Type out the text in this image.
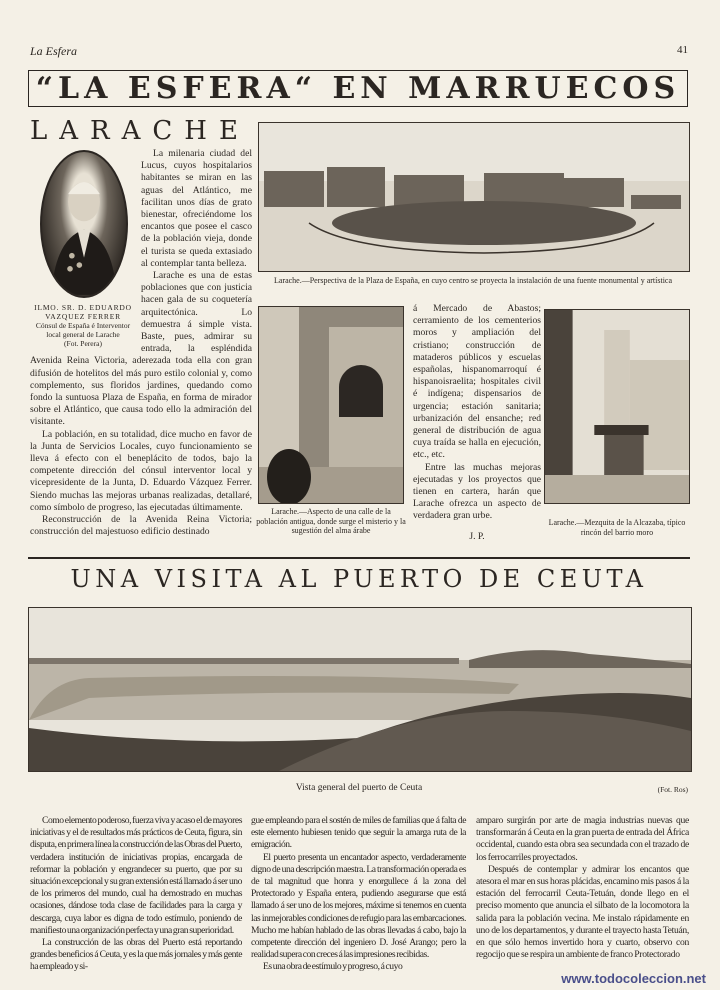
La Esfera	41
“LA ESFERA“ EN MARRUECOS
LARACHE
ILMO. SR. D. EDUARDO
VAZQUEZ FERRER
Cónsul de España é Interventor local general de Larache
(Fot. Perera)

La milenaria ciudad del Lucus, cuyos hospitalarios habitantes se miran en las aguas del Atlántico, me facilitan unos días de grato bienestar, ofreciéndome los encantos que posee el casco de la población vieja, donde el turista se queda extasiado al contemplar tanta belleza.

Larache es una de estas poblaciones que con justicia hacen gala de su coquetería arquitectónica. Lo demuestra á simple vista. Baste, pues, admirar su entrada, la espléndida Avenida Reina Victoria, aderezada toda ella con gran difusión de hotelitos del más puro estilo colonial y, como complemento, sus floridos jardines, quedando como fondo la suntuosa Plaza de España, en forma de mirador sobre el Atlántico, que causa todo ello la admiración del visitante.

La población, en su totalidad, dice mucho en favor de la Junta de Servicios Locales, cuyo funcionamiento se lleva á efecto con el beneplácito de todos, bajo la competente dirección del cónsul interventor local y vicepresidente de la Junta, D. Eduardo Vázquez Ferrer. Siendo muchas las mejoras urbanas realizadas, detallaré, como símbolo de progreso, las ejecutadas últimamente.

Reconstrucción de la Avenida Reina Victoria; construcción del majestuoso edificio destinado

Larache.—Perspectiva de la Plaza de España, en cuyo centro se proyecta la instalación de una fuente monumental y artística
Larache.—Aspecto de una calle de la población antigua, donde surge el misterio y la sugestión del alma árabe

á Mercado de Abastos; cerramiento de los cementerios moros y ampliación del cristiano; construcción de mataderos públicos y escuelas españolas, hispanomarroquí é hispanoisraelita; hospitales civil é indígena; dispensarios de urgencia; estación sanitaria; urbanización del ensanche; red general de distribución de agua cuya traída se halla en ejecución, etc., etc.

Entre las muchas mejoras ejecutadas y los proyectos que tienen en cartera, harán que Larache ofrezca un aspecto de verdadera gran urbe.

J. P.
Larache.—Mezquita de la Alcazaba, típico rincón del barrio moro
UNA VISITA AL PUERTO DE CEUTA
Vista general del puerto de Ceuta	(Fot. Ros)

Como elemento poderoso, fuerza viva y acaso el de mayores iniciativas y el de resultados más prácticos de Ceuta, figura, sin disputa, en primera línea la construcción de las Obras del Puerto, verdadera institución de iniciativas propias, encargada de reformar la población y engrandecer su puerto, que por su situación excepcional y su gran extensión está llamado á ser uno de los primeros del mundo, cual ha demostrado en muchas ocasiones, dándose toda clase de facilidades para la carga y descarga, cuya labor es digna de todo estímulo, poniendo de manifiesto una organización perfecta y una gran superioridad.

La construcción de las obras del Puerto está reportando grandes beneficios á Ceuta, y es la que más jornales y más gente ha empleado y si-

gue empleando para el sostén de miles de familias que á falta de este elemento hubiesen tenido que seguir la amarga ruta de la emigración.

El puerto presenta un encantador aspecto, verdaderamente digno de una descripción maestra. La transformación operada es de tal magnitud que honra y enorgullece á la zona del Protectorado y España entera, pudiendo asegurarse que está llamado á ser uno de los mejores, máxime si tenemos en cuenta las inmejorables condiciones de refugio para las embarcaciones. Mucho me habían hablado de las obras llevadas á cabo, bajo la competente dirección del ingeniero D. José Arango; pero la realidad supera con creces á las impresiones recibidas.

Es una obra de estímulo y progreso, á cuyo

amparo surgirán por arte de magia industrias nuevas que transformarán á Ceuta en la gran puerta de entrada del África occidental, cuando esta obra sea secundada con el trazado de los ferrocarriles proyectados.

Después de contemplar y admirar los encantos que atesora el mar en sus horas plácidas, encamino mis pasos á la estación del ferrocarril Ceuta-Tetuán, donde llego en el preciso momento que anuncia el silbato de la locomotora la salida para la población vecina. Me instalo rápidamente en uno de los departamentos, y durante el trayecto hasta Tetuán, en que sólo hemos invertido hora y cuarto, observo con regocijo que se respira un ambiente de franco Protectorado

www.todocoleccion.net
